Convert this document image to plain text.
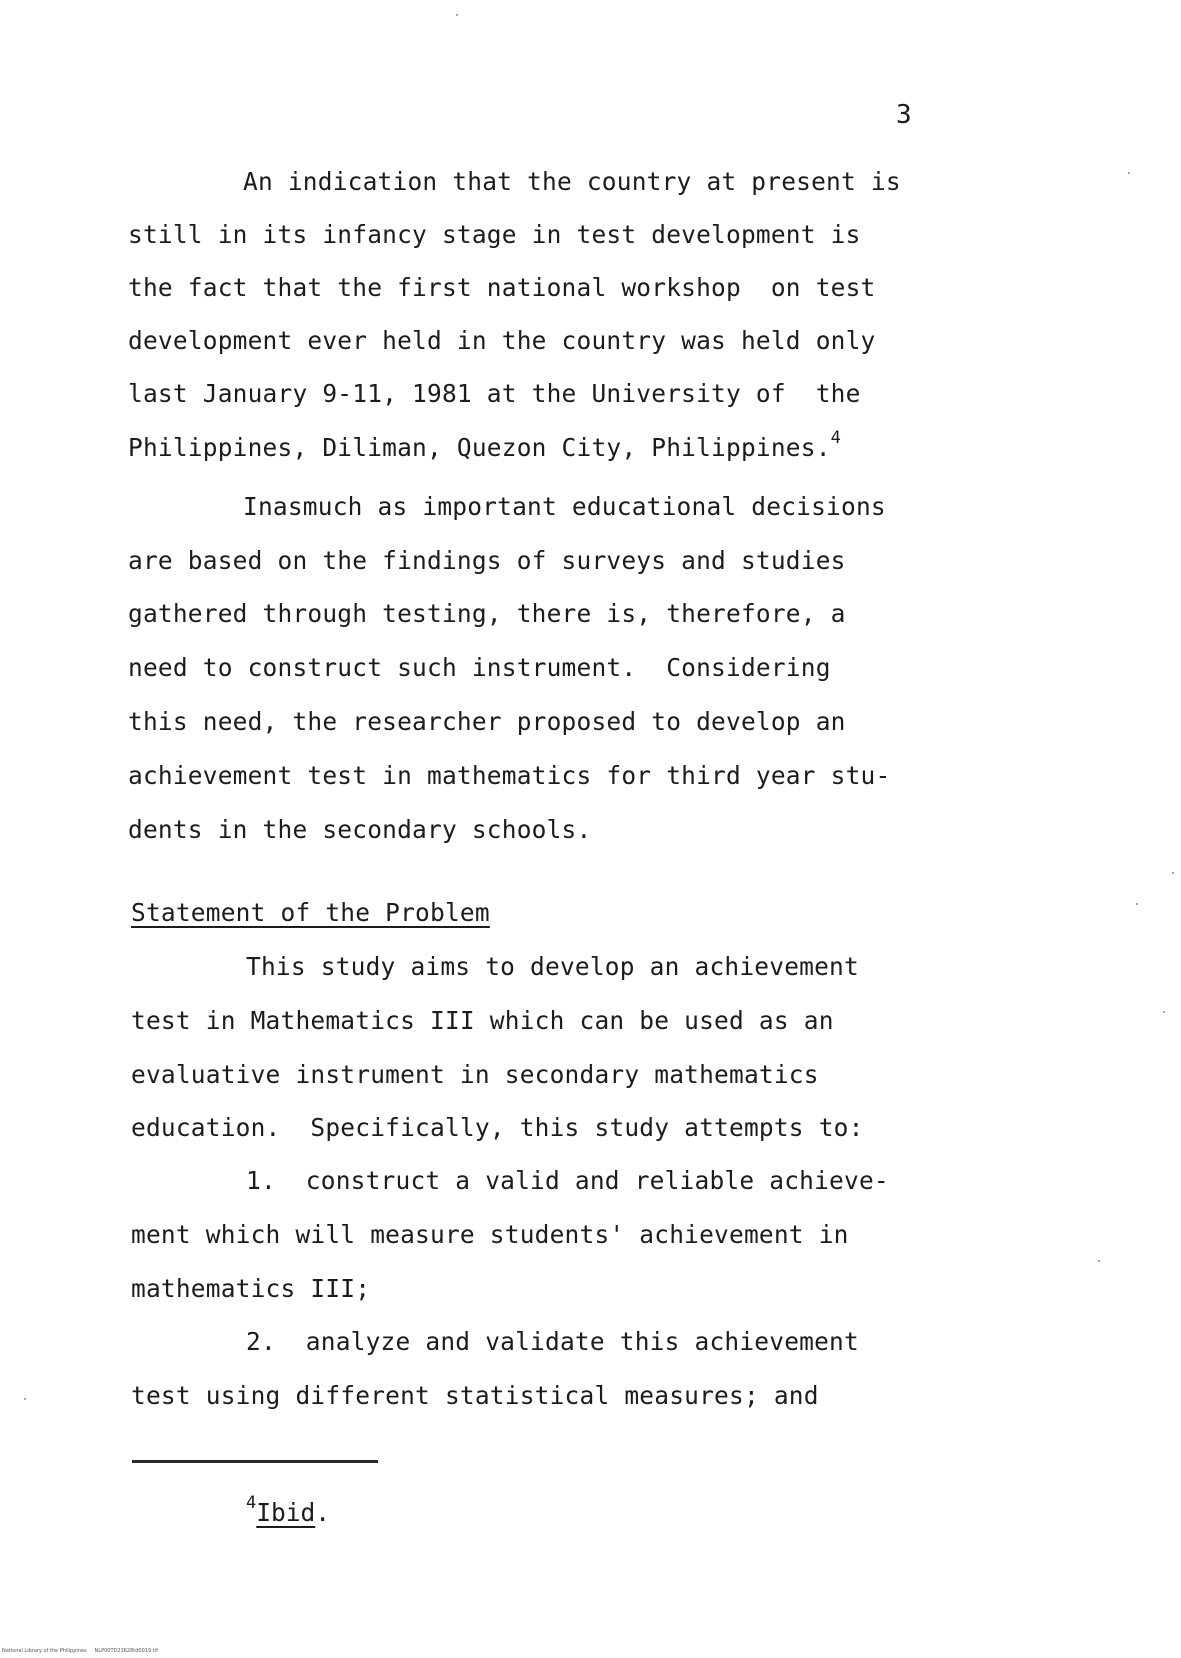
3
An indication that the country at present is
still in its infancy stage in test development is
the fact that the first national workshop  on test
development ever held in the country was held only
last January 9-11, 1981 at the University of  the
Philippines, Diliman, Quezon City, Philippines.$^4$
Inasmuch as important educational decisions
are based on the findings of surveys and studies
gathered through testing, there is, therefore, a
need to construct such instrument.  Considering
this need, the researcher proposed to develop an
achievement test in mathematics for third year stu-
dents in the secondary schools.
Statement of the Problem
This study aims to develop an achievement
test in Mathematics III which can be used as an
evaluative instrument in secondary mathematics
education.  Specifically, this study attempts to:
1.  construct a valid and reliable achieve-
ment which will measure students' achievement in
mathematics III;
2.  analyze and validate this achievement
test using different statistical measures; and
$^4$Ibid.
National Library of the Philippines     NLP00TD23628td0019.tif
